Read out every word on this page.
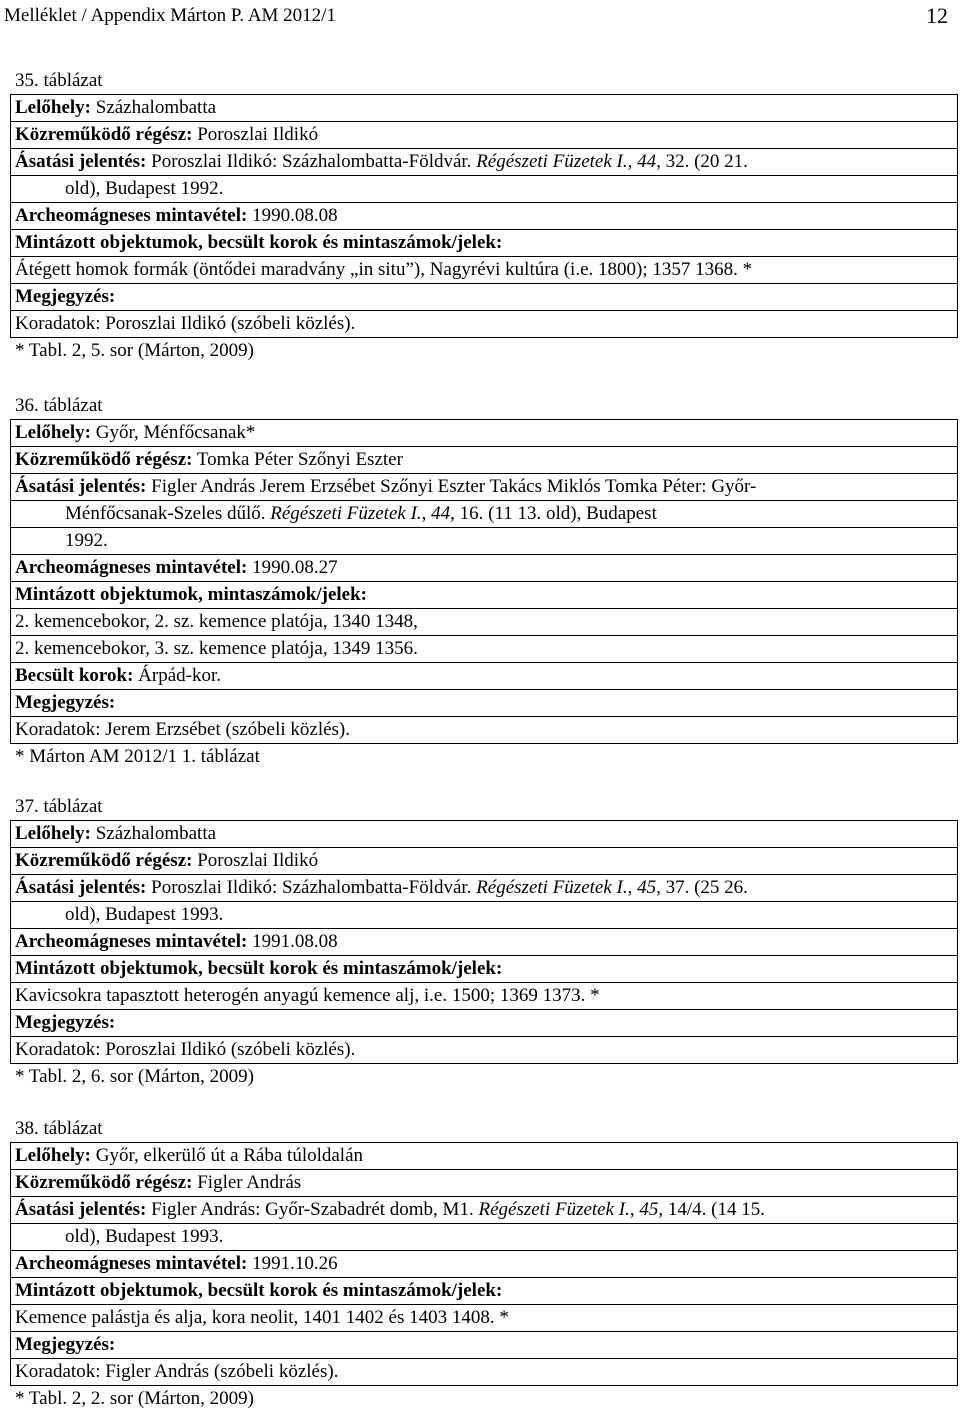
Melléklet / Appendix Márton P. AM 2012/1	12
35. táblázat
Lelőhely: Százhalombatta
Közreműködő régész: Poroszlai Ildikó
Ásatási jelentés: Poroszlai Ildikó: Százhalombatta-Földvár. Régészeti Füzetek I., 44, 32. (20 21.
old), Budapest 1992.
Archeomágneses mintavétel: 1990.08.08
Mintázott objektumok, becsült korok és mintaszámok/jelek:
Átégett homok formák (öntődei maradvány „in situ”), Nagyrévi kultúra (i.e. 1800); 1357 1368. *
Megjegyzés:
Koradatok: Poroszlai Ildikó (szóbeli közlés).
* Tabl. 2, 5. sor (Márton, 2009)
36. táblázat
Lelőhely: Győr, Ménfőcsanak*
Közreműködő régész: Tomka Péter Szőnyi Eszter
Ásatási jelentés: Figler András Jerem Erzsébet Szőnyi Eszter Takács Miklós Tomka Péter: Győr-
Ménfőcsanak-Szeles dűlő. Régészeti Füzetek I., 44, 16. (11 13. old), Budapest
1992.
Archeomágneses mintavétel: 1990.08.27
Mintázott objektumok, mintaszámok/jelek:
2. kemencebokor, 2. sz. kemence platója, 1340 1348,
2. kemencebokor, 3. sz. kemence platója, 1349 1356.
Becsült korok: Árpád-kor.
Megjegyzés:
Koradatok: Jerem Erzsébet (szóbeli közlés).
* Márton AM 2012/1 1. táblázat
37. táblázat
Lelőhely: Százhalombatta
Közreműködő régész: Poroszlai Ildikó
Ásatási jelentés: Poroszlai Ildikó: Százhalombatta-Földvár. Régészeti Füzetek I., 45, 37. (25 26.
old), Budapest 1993.
Archeomágneses mintavétel: 1991.08.08
Mintázott objektumok, becsült korok és mintaszámok/jelek:
Kavicsokra tapasztott heterogén anyagú kemence alj, i.e. 1500; 1369 1373. *
Megjegyzés:
Koradatok: Poroszlai Ildikó (szóbeli közlés).
* Tabl. 2, 6. sor (Márton, 2009)
38. táblázat
Lelőhely: Győr, elkerülő út a Rába túloldalán
Közreműködő régész: Figler András
Ásatási jelentés: Figler András: Győr-Szabadrét domb, M1. Régészeti Füzetek I., 45, 14/4. (14 15.
old), Budapest 1993.
Archeomágneses mintavétel: 1991.10.26
Mintázott objektumok, becsült korok és mintaszámok/jelek:
Kemence palástja és alja, kora neolit, 1401 1402 és 1403 1408. *
Megjegyzés:
Koradatok: Figler András (szóbeli közlés).
* Tabl. 2, 2. sor (Márton, 2009)
